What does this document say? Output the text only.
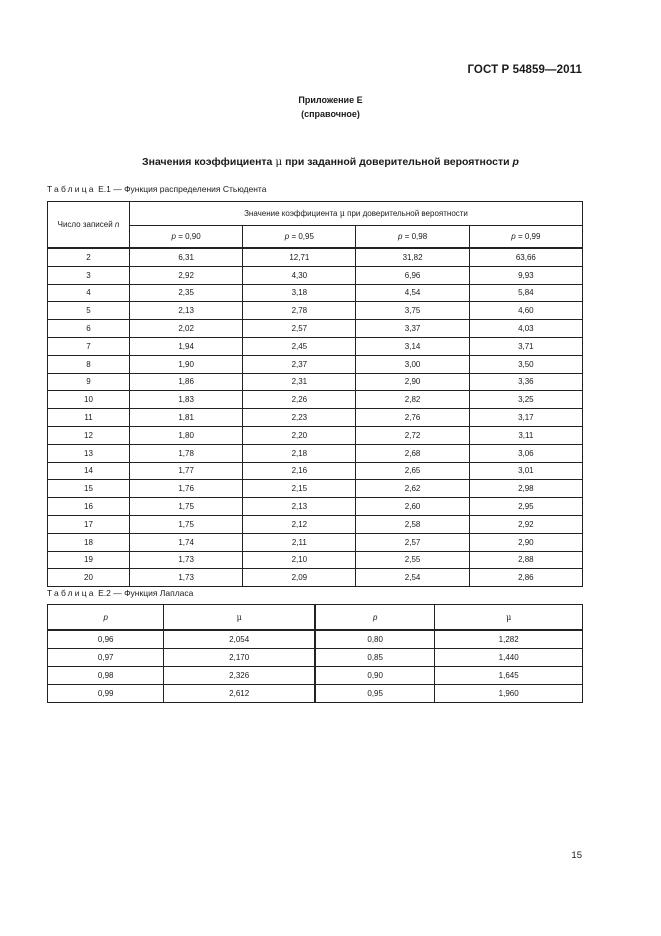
ГОСТ Р 54859—2011
Приложение Е
(справочное)
Значения коэффициента μ при заданной доверительной вероятности p
Таблица Е.1 — Функция распределения Стьюдента
Число записей n	Значение коэффициента μ при доверительной вероятности			
	p = 0,90	p = 0,95	p = 0,98	p = 0,99
2	6,31	12,71	31,82	63,66
3	2,92	4,30	6,96	9,93
4	2,35	3,18	4,54	5,84
5	2,13	2,78	3,75	4,60
6	2,02	2,57	3,37	4,03
7	1,94	2,45	3,14	3,71
8	1,90	2,37	3,00	3,50
9	1,86	2,31	2,90	3,36
10	1,83	2,26	2,82	3,25
11	1,81	2,23	2,76	3,17
12	1,80	2,20	2,72	3,11
13	1,78	2,18	2,68	3,06
14	1,77	2,16	2,65	3,01
15	1,76	2,15	2,62	2,98
16	1,75	2,13	2,60	2,95
17	1,75	2,12	2,58	2,92
18	1,74	2,11	2,57	2,90
19	1,73	2,10	2,55	2,88
20	1,73	2,09	2,54	2,86
Таблица Е.2 — Функция Лапласа
p	μ	p	μ
0,96	2,054	0,80	1,282
0,97	2,170	0,85	1,440
0,98	2,326	0,90	1,645
0,99	2,612	0,95	1,960
15
